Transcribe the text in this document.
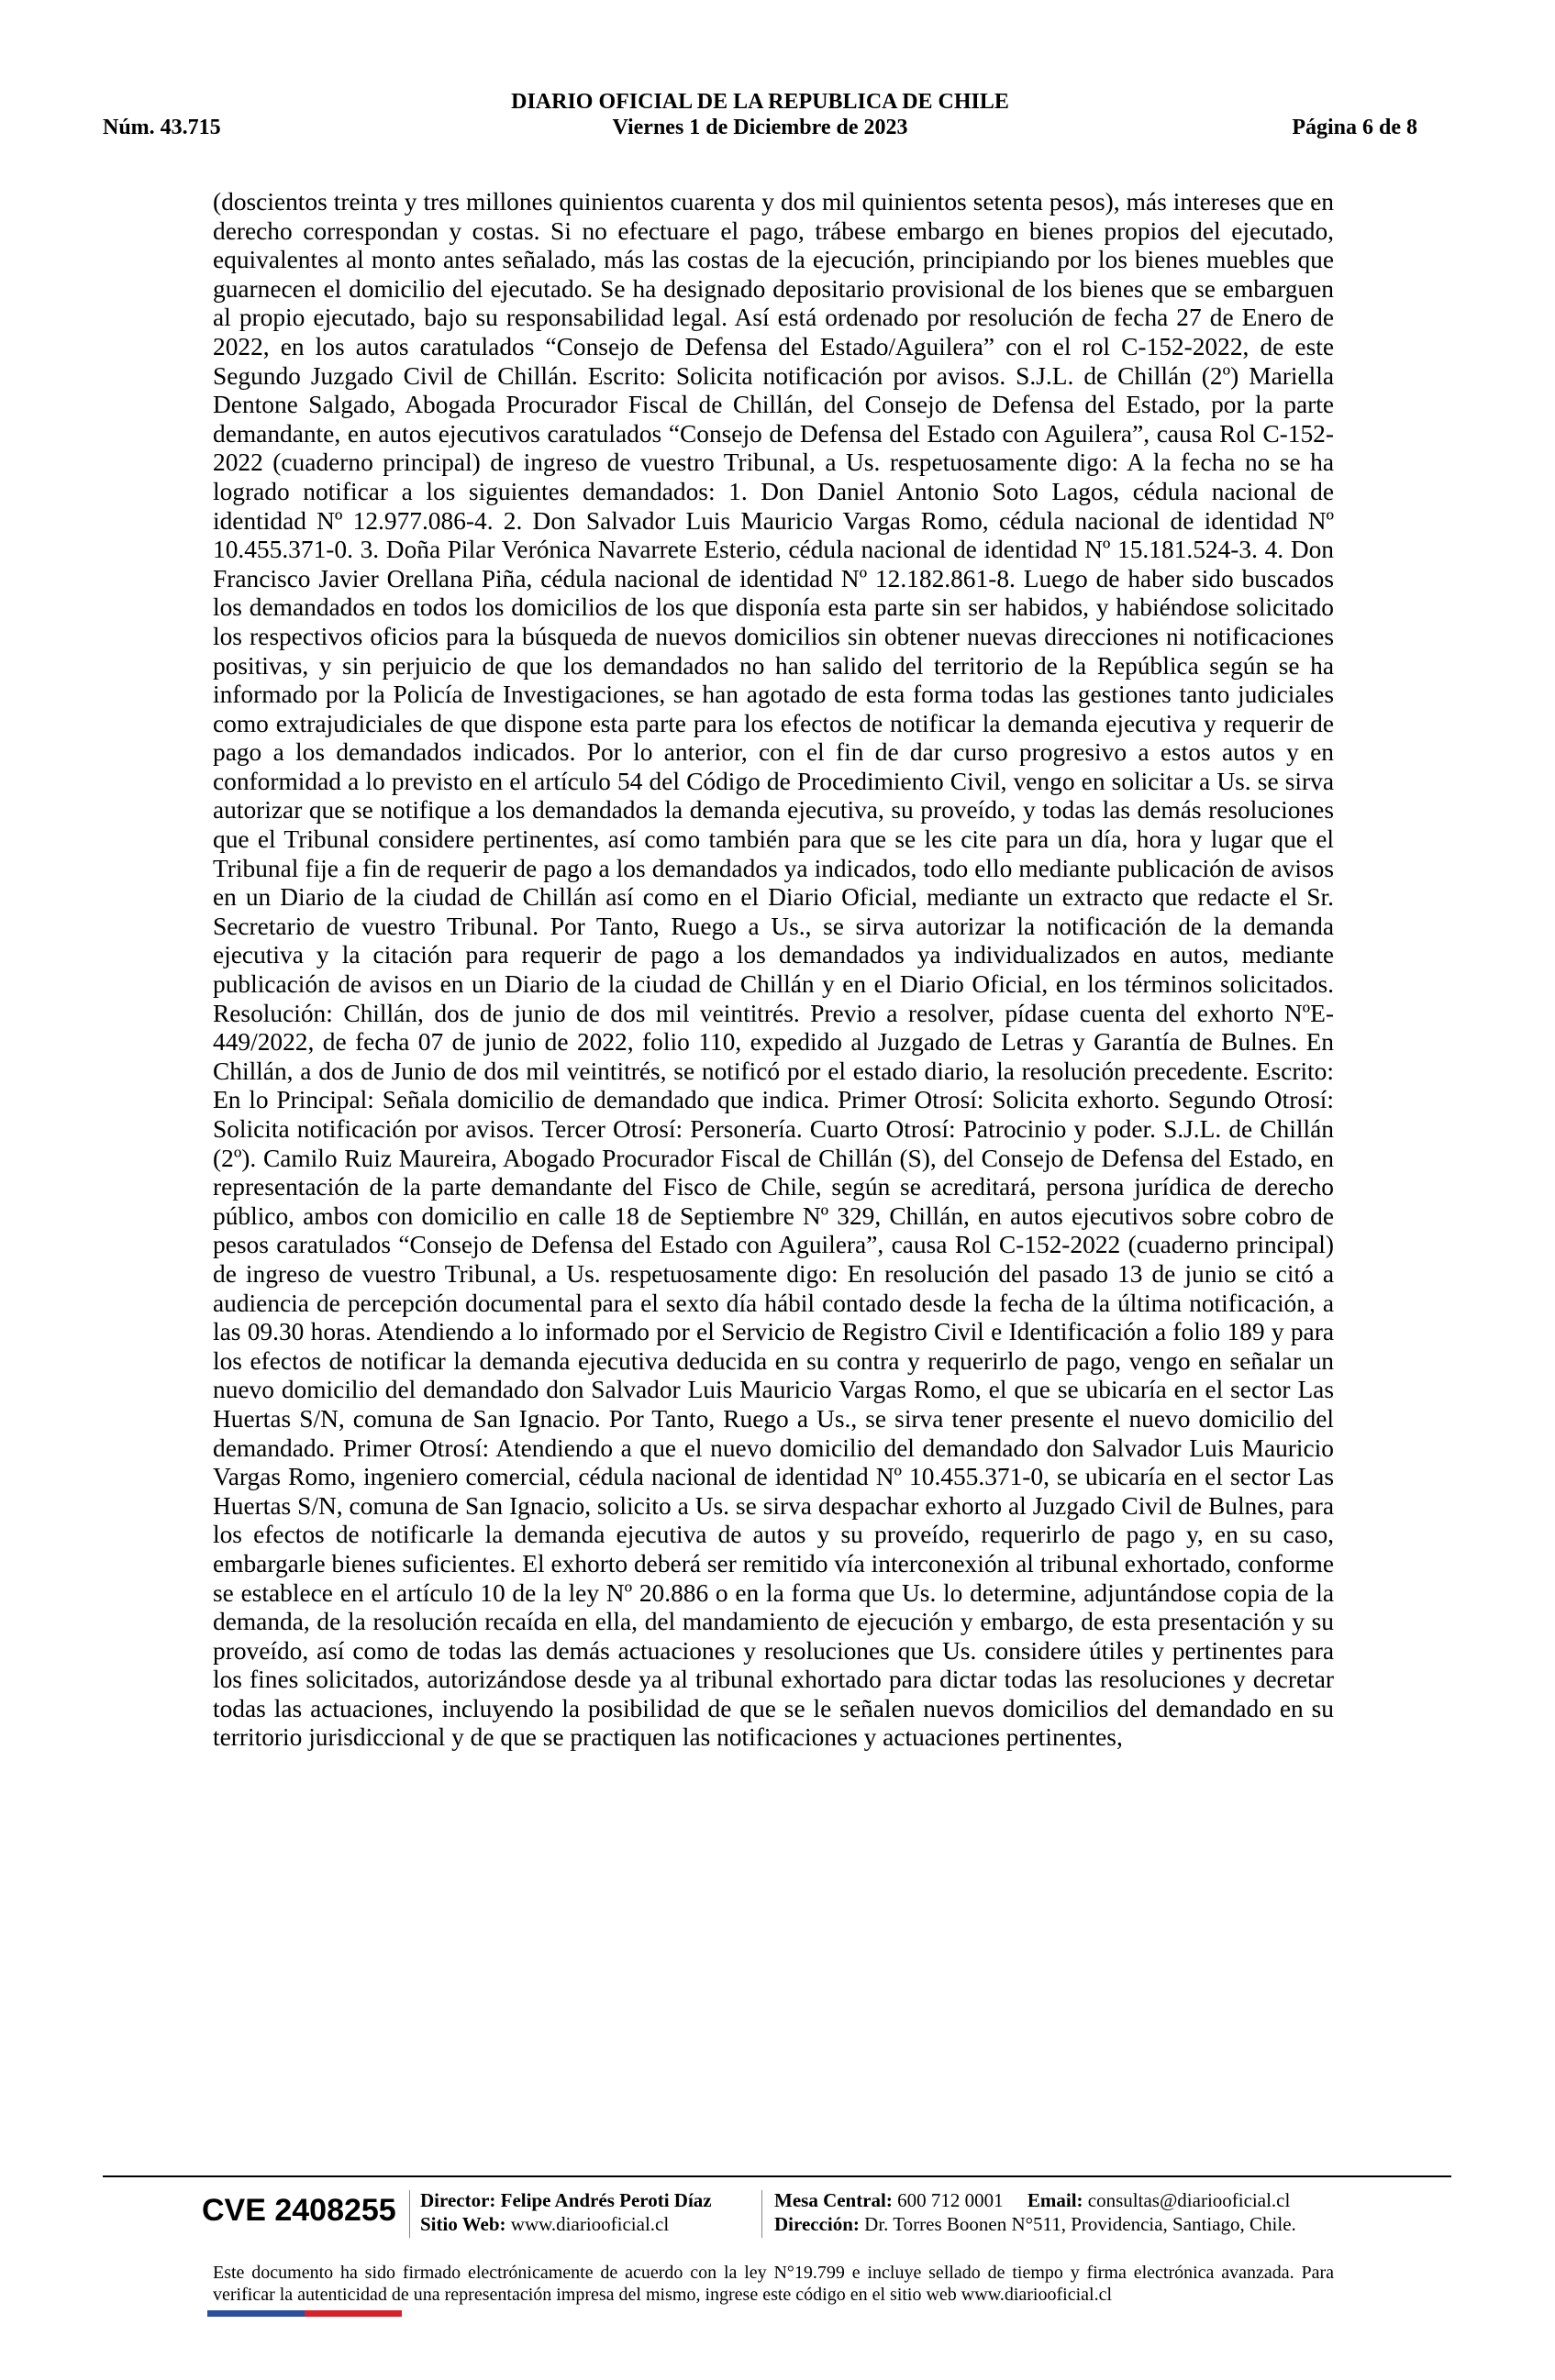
DIARIO OFICIAL DE LA REPUBLICA DE CHILE
Núm. 43.715	Viernes 1 de Diciembre de 2023	Página 6 de 8
(doscientos treinta y tres millones quinientos cuarenta y dos mil quinientos setenta pesos), más intereses que en derecho correspondan y costas. Si no efectuare el pago, trábese embargo en bienes propios del ejecutado, equivalentes al monto antes señalado, más las costas de la ejecución, principiando por los bienes muebles que guarnecen el domicilio del ejecutado. Se ha designado depositario provisional de los bienes que se embarguen al propio ejecutado, bajo su responsabilidad legal. Así está ordenado por resolución de fecha 27 de Enero de 2022, en los autos caratulados “Consejo de Defensa del Estado/Aguilera” con el rol C-152-2022, de este Segundo Juzgado Civil de Chillán. Escrito: Solicita notificación por avisos. S.J.L. de Chillán (2º) Mariella Dentone Salgado, Abogada Procurador Fiscal de Chillán, del Consejo de Defensa del Estado, por la parte demandante, en autos ejecutivos caratulados “Consejo de Defensa del Estado con Aguilera”, causa Rol C-152-2022 (cuaderno principal) de ingreso de vuestro Tribunal, a Us. respetuosamente digo: A la fecha no se ha logrado notificar a los siguientes demandados: 1. Don Daniel Antonio Soto Lagos, cédula nacional de identidad Nº 12.977.086-4. 2. Don Salvador Luis Mauricio Vargas Romo, cédula nacional de identidad Nº 10.455.371-0. 3. Doña Pilar Verónica Navarrete Esterio, cédula nacional de identidad Nº 15.181.524-3. 4. Don Francisco Javier Orellana Piña, cédula nacional de identidad Nº 12.182.861-8. Luego de haber sido buscados los demandados en todos los domicilios de los que disponía esta parte sin ser habidos, y habiéndose solicitado los respectivos oficios para la búsqueda de nuevos domicilios sin obtener nuevas direcciones ni notificaciones positivas, y sin perjuicio de que los demandados no han salido del territorio de la República según se ha informado por la Policía de Investigaciones, se han agotado de esta forma todas las gestiones tanto judiciales como extrajudiciales de que dispone esta parte para los efectos de notificar la demanda ejecutiva y requerir de pago a los demandados indicados. Por lo anterior, con el fin de dar curso progresivo a estos autos y en conformidad a lo previsto en el artículo 54 del Código de Procedimiento Civil, vengo en solicitar a Us. se sirva autorizar que se notifique a los demandados la demanda ejecutiva, su proveído, y todas las demás resoluciones que el Tribunal considere pertinentes, así como también para que se les cite para un día, hora y lugar que el Tribunal fije a fin de requerir de pago a los demandados ya indicados, todo ello mediante publicación de avisos en un Diario de la ciudad de Chillán así como en el Diario Oficial, mediante un extracto que redacte el Sr. Secretario de vuestro Tribunal. Por Tanto, Ruego a Us., se sirva autorizar la notificación de la demanda ejecutiva y la citación para requerir de pago a los demandados ya individualizados en autos, mediante publicación de avisos en un Diario de la ciudad de Chillán y en el Diario Oficial, en los términos solicitados. Resolución: Chillán, dos de junio de dos mil veintitrés. Previo a resolver, pídase cuenta del exhorto NºE-449/2022, de fecha 07 de junio de 2022, folio 110, expedido al Juzgado de Letras y Garantía de Bulnes. En Chillán, a dos de Junio de dos mil veintitrés, se notificó por el estado diario, la resolución precedente. Escrito: En lo Principal: Señala domicilio de demandado que indica. Primer Otrosí: Solicita exhorto. Segundo Otrosí: Solicita notificación por avisos. Tercer Otrosí: Personería. Cuarto Otrosí: Patrocinio y poder. S.J.L. de Chillán (2º). Camilo Ruiz Maureira, Abogado Procurador Fiscal de Chillán (S), del Consejo de Defensa del Estado, en representación de la parte demandante del Fisco de Chile, según se acreditará, persona jurídica de derecho público, ambos con domicilio en calle 18 de Septiembre Nº 329, Chillán, en autos ejecutivos sobre cobro de pesos caratulados “Consejo de Defensa del Estado con Aguilera”, causa Rol C-152-2022 (cuaderno principal) de ingreso de vuestro Tribunal, a Us. respetuosamente digo: En resolución del pasado 13 de junio se citó a audiencia de percepción documental para el sexto día hábil contado desde la fecha de la última notificación, a las 09.30 horas. Atendiendo a lo informado por el Servicio de Registro Civil e Identificación a folio 189 y para los efectos de notificar la demanda ejecutiva deducida en su contra y requerirlo de pago, vengo en señalar un nuevo domicilio del demandado don Salvador Luis Mauricio Vargas Romo, el que se ubicaría en el sector Las Huertas S/N, comuna de San Ignacio. Por Tanto, Ruego a Us., se sirva tener presente el nuevo domicilio del demandado. Primer Otrosí: Atendiendo a que el nuevo domicilio del demandado don Salvador Luis Mauricio Vargas Romo, ingeniero comercial, cédula nacional de identidad Nº 10.455.371-0, se ubicaría en el sector Las Huertas S/N, comuna de San Ignacio, solicito a Us. se sirva despachar exhorto al Juzgado Civil de Bulnes, para los efectos de notificarle la demanda ejecutiva de autos y su proveído, requerirlo de pago y, en su caso, embargarle bienes suficientes. El exhorto deberá ser remitido vía interconexión al tribunal exhortado, conforme se establece en el artículo 10 de la ley Nº 20.886 o en la forma que Us. lo determine, adjuntándose copia de la demanda, de la resolución recaída en ella, del mandamiento de ejecución y embargo, de esta presentación y su proveído, así como de todas las demás actuaciones y resoluciones que Us. considere útiles y pertinentes para los fines solicitados, autorizándose desde ya al tribunal exhortado para dictar todas las resoluciones y decretar todas las actuaciones, incluyendo la posibilidad de que se le señalen nuevos domicilios del demandado en su territorio jurisdiccional y de que se practiquen las notificaciones y actuaciones pertinentes,
CVE 2408255 Director: Felipe Andrés Peroti Díaz
Sitio Web: www.diariooficial.cl
Mesa Central: 600 712 0001 Email: consultas@diariooficial.cl
Dirección: Dr. Torres Boonen N°511, Providencia, Santiago, Chile.
Este documento ha sido firmado electrónicamente de acuerdo con la ley N°19.799 e incluye sellado de tiempo y firma electrónica avanzada. Para verificar la autenticidad de una representación impresa del mismo, ingrese este código en el sitio web www.diariooficial.cl
